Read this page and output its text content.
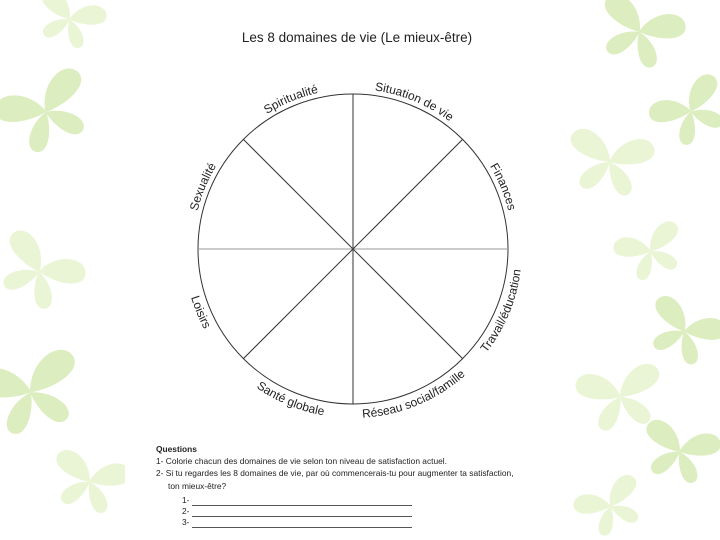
Les 8 domaines de vie (Le mieux-être)
Spiritualité	Situation de vie
Finances
Travail/éducation
Réseau social/famille
Santé globale
Loisirs
Sexualité
Questions
1- Colorie chacun des domaines de vie selon ton niveau de satisfaction actuel.
2- Si tu regardes les 8 domaines de vie, par où commencerais-tu pour augmenter ta satisfaction,
ton mieux-être?
1-
2-
3-
